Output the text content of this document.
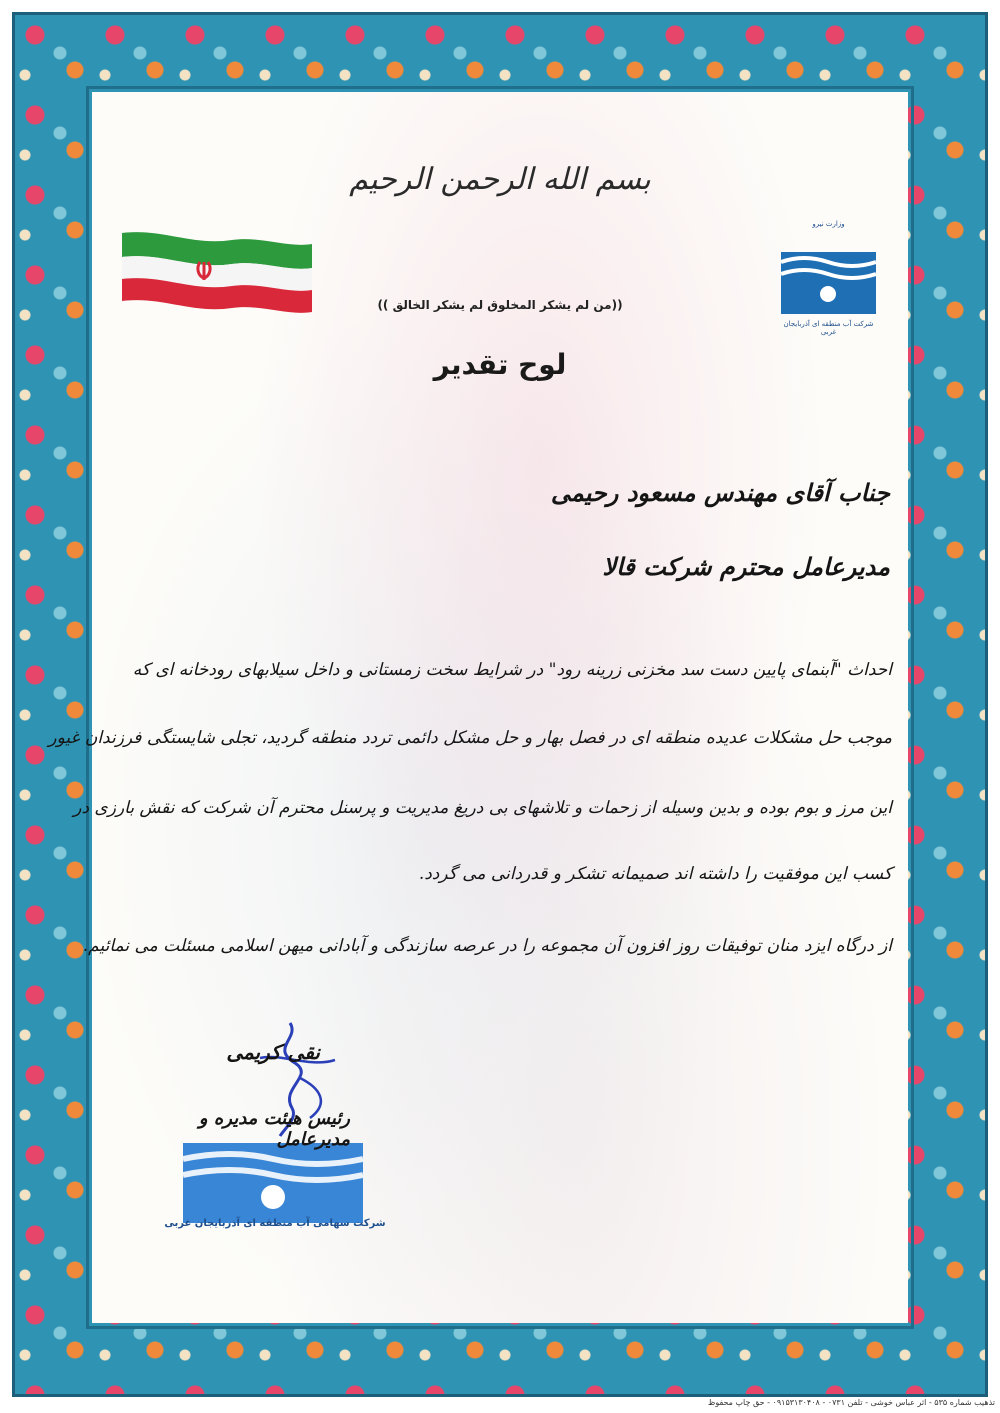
بسم الله الرحمن الرحیم
وزارت نیرو
شرکت آب منطقه ای آذربایجان غربی
((من لم یشکر المخلوق لم یشکر الخالق ))
لوح تقدیر
جناب آقای مهندس مسعود رحیمی
مدیرعامل محترم شرکت قالا
احداث "آبنمای پایین دست سد مخزنی زرینه رود" در شرایط سخت زمستانی و داخل سیلابهای رودخانه ای که
موجب حل مشکلات عدیده منطقه ای در فصل بهار و حل مشکل دائمی تردد منطقه گردید، تجلی شایستگی فرزندان غیور
این مرز و بوم بوده و بدین وسیله از زحمات و تلاشهای بی دریغ مدیریت و پرسنل محترم آن شرکت که نقش بارزی در
کسب این موفقیت را داشته اند صمیمانه تشکر و قدردانی می گردد.
از درگاه ایزد منان توفیقات روز افزون آن مجموعه را در عرصه سازندگی و آبادانی میهن اسلامی مسئلت می نمائیم.
شرکت سهامی آب منطقه ای آذربایجان غربی
نقی کریمی
رئیس هیئت مدیره و مدیرعامل
تذهیب شماره ۵۳۵ - اثر عباس خوشی - تلفن ۰۷۳۱ - ۰۹۱۵۳۱۳۰۴۰۸ - حق چاپ محفوظ
